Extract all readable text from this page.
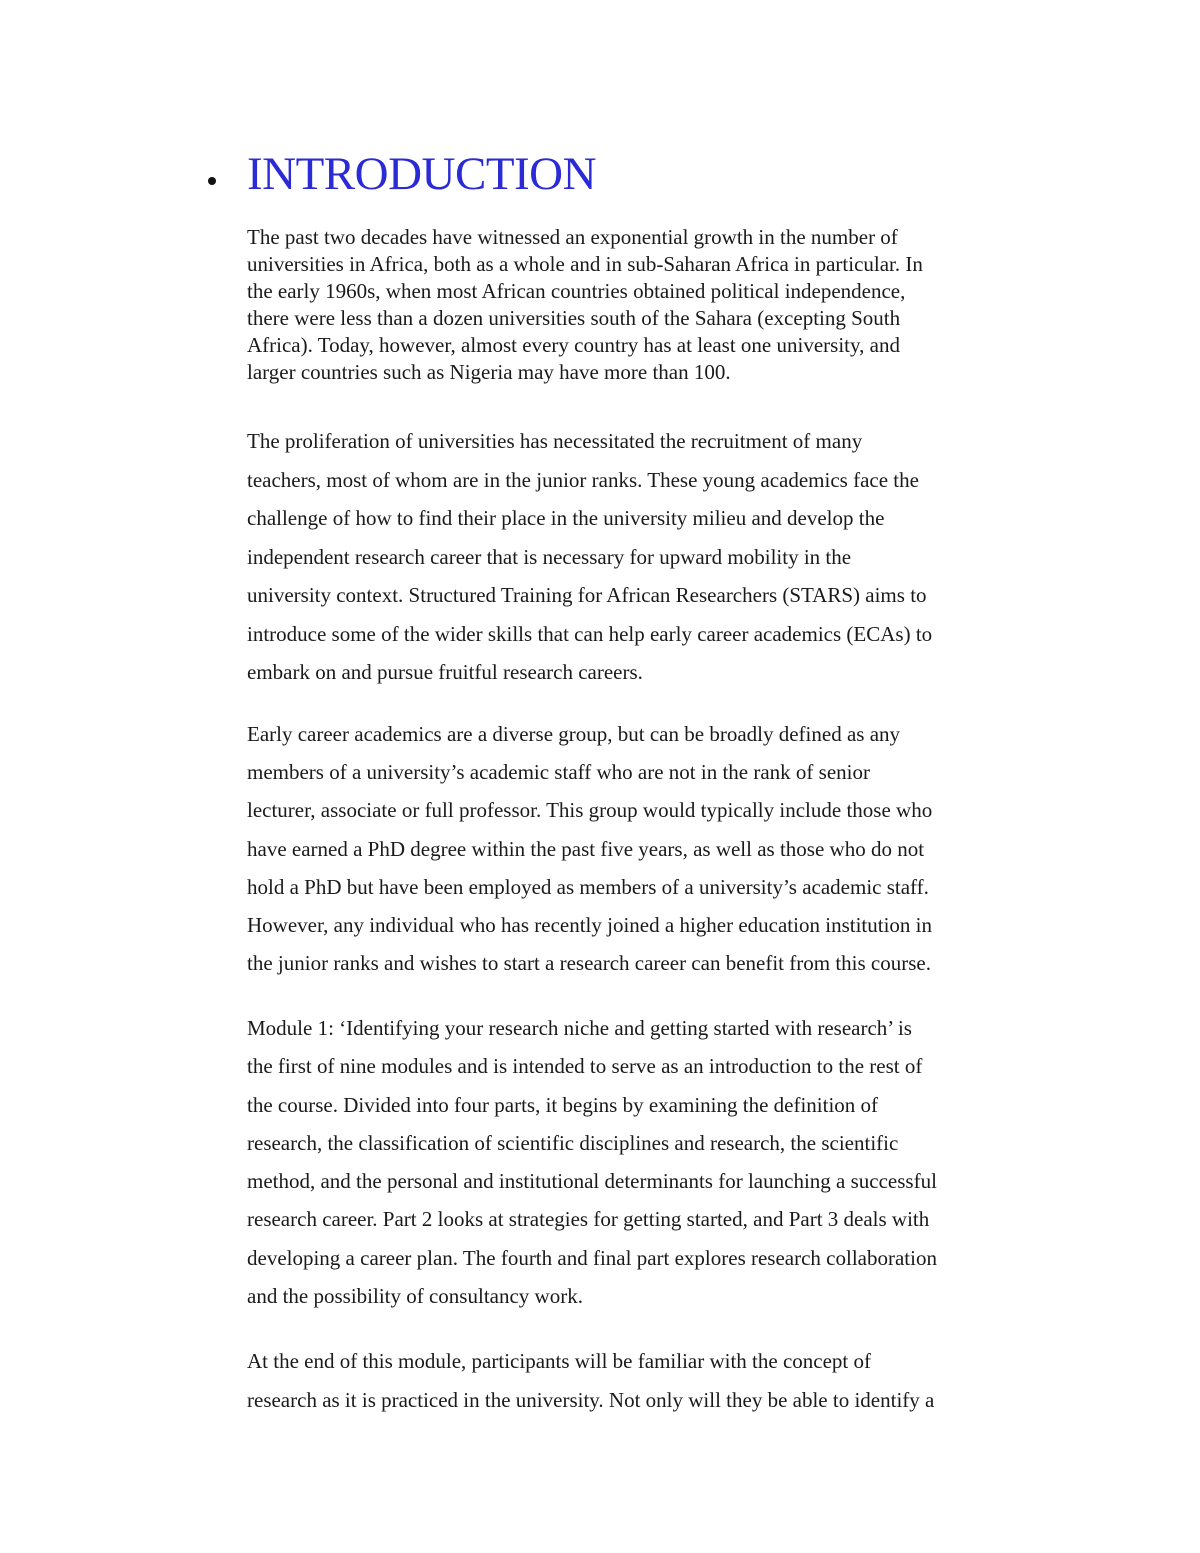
INTRODUCTION

The past two decades have witnessed an exponential growth in the number of
universities in Africa, both as a whole and in sub-Saharan Africa in particular. In
the early 1960s, when most African countries obtained political independence,
there were less than a dozen universities south of the Sahara (excepting South
Africa). Today, however, almost every country has at least one university, and
larger countries such as Nigeria may have more than 100.

The proliferation of universities has necessitated the recruitment of many
teachers, most of whom are in the junior ranks. These young academics face the
challenge of how to find their place in the university milieu and develop the
independent research career that is necessary for upward mobility in the
university context. Structured Training for African Researchers (STARS) aims to
introduce some of the wider skills that can help early career academics (ECAs) to
embark on and pursue fruitful research careers.

Early career academics are a diverse group, but can be broadly defined as any
members of a university’s academic staff who are not in the rank of senior
lecturer, associate or full professor. This group would typically include those who
have earned a PhD degree within the past five years, as well as those who do not
hold a PhD but have been employed as members of a university’s academic staff.
However, any individual who has recently joined a higher education institution in
the junior ranks and wishes to start a research career can benefit from this course.

Module 1: ‘Identifying your research niche and getting started with research’ is
the first of nine modules and is intended to serve as an introduction to the rest of
the course. Divided into four parts, it begins by examining the definition of
research, the classification of scientific disciplines and research, the scientific
method, and the personal and institutional determinants for launching a successful
research career. Part 2 looks at strategies for getting started, and Part 3 deals with
developing a career plan. The fourth and final part explores research collaboration
and the possibility of consultancy work.

At the end of this module, participants will be familiar with the concept of
research as it is practiced in the university. Not only will they be able to identify a
